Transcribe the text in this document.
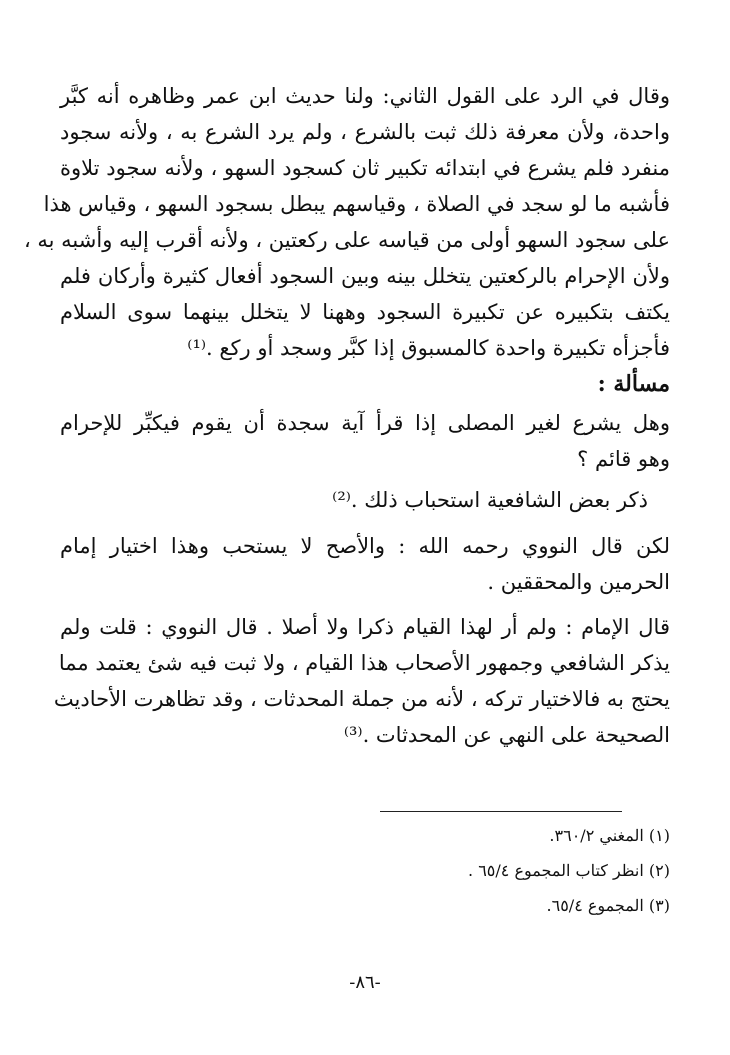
وقال في الرد على القول الثاني: ولنا حديث ابن عمر وظاهره أنه كبَّر
واحدة، ولأن معرفة ذلك ثبت بالشرع ، ولم يرد الشرع به ، ولأنه سجود
منفرد فلم يشرع في ابتدائه تكبير ثان كسجود السهو ، ولأنه سجود تلاوة
فأشبه ما لو سجد في الصلاة ، وقياسهم يبطل بسجود السهو ، وقياس هذا
على سجود السهو أولى من قياسه على ركعتين ، ولأنه أقرب إليه وأشبه به ،
ولأن الإحرام بالركعتين يتخلل بينه وبين السجود أفعال كثيرة وأركان فلم
يكتف بتكبيره عن تكبيرة السجود وههنا لا يتخلل بينهما سوى السلام
فأجزأه تكبيرة واحدة كالمسبوق إذا كبَّر وسجد أو ركع .⁽¹⁾
مسألة :
وهل يشرع لغير المصلى إذا قرأ آية سجدة أن يقوم فيكبِّر للإحرام
وهو قائم ؟
ذكر بعض الشافعية استحباب ذلك .⁽²⁾
لكن قال النووي رحمه الله : والأصح لا يستحب وهذا اختيار إمام
الحرمين والمحققين .
قال الإمام : ولم أر لهذا القيام ذكرا ولا أصلا . قال النووي : قلت ولم
يذكر الشافعي وجمهور الأصحاب هذا القيام ، ولا ثبت فيه شئ يعتمد مما
يحتج به فالاختيار تركه ، لأنه من جملة المحدثات ، وقد تظاهرت الأحاديث
الصحيحة على النهي عن المحدثات .⁽³⁾
(١) المغني ٣٦٠/٢.
(٢) انظر كتاب المجموع ٦٥/٤ .
(٣) المجموع ٦٥/٤.
-٨٦-
